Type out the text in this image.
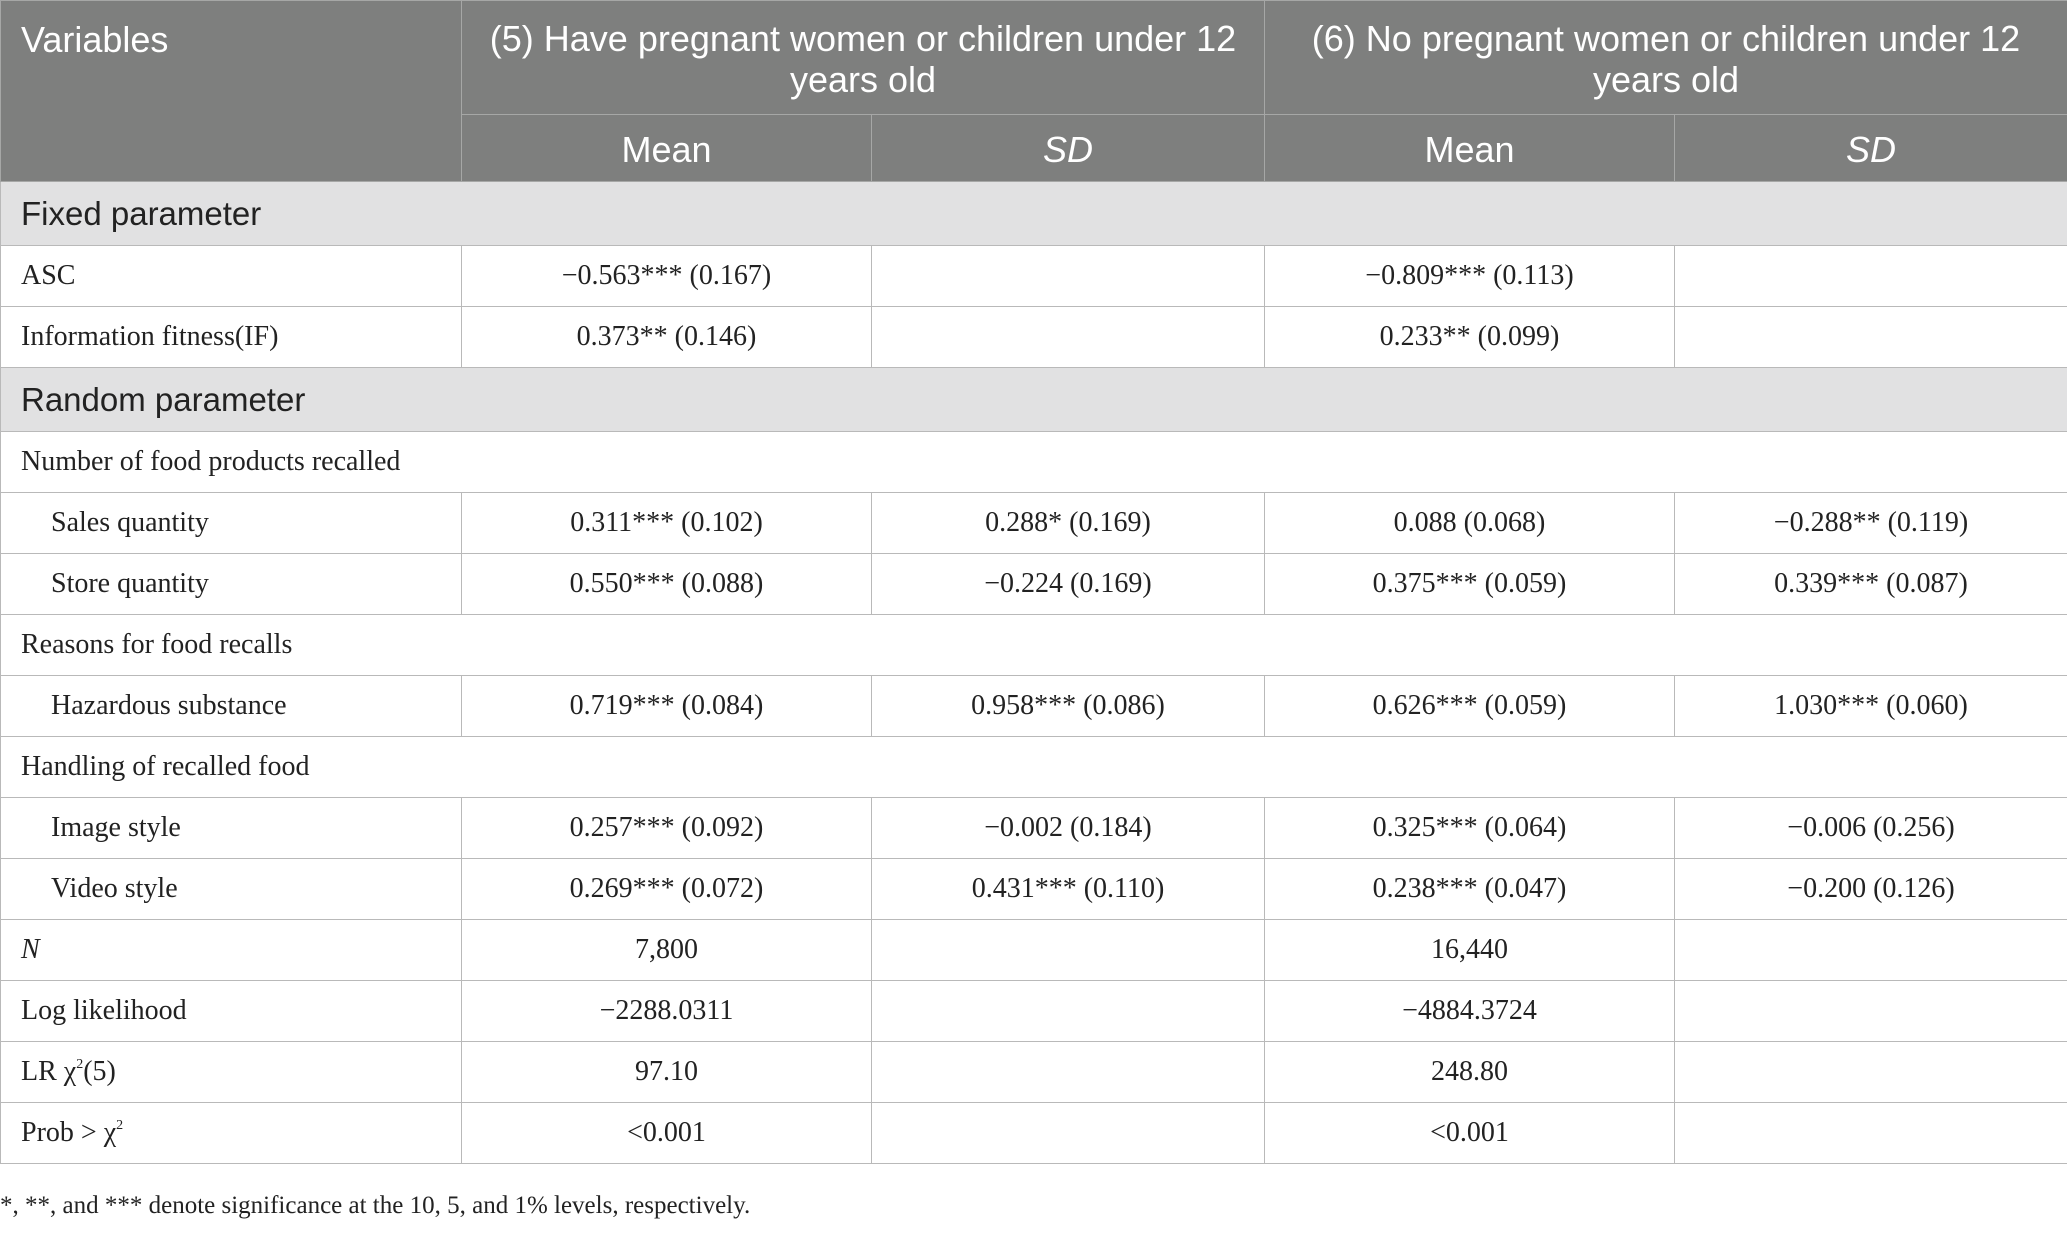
Variables	(5) Have pregnant women or children under 12 years old		(6) No pregnant women or children under 12 years old	
	Mean	SD	Mean	SD
Fixed parameter				
ASC	−0.563*** (0.167)		−0.809*** (0.113)	
Information fitness(IF)	0.373** (0.146)		0.233** (0.099)	
Random parameter				
Number of food products recalled				
Sales quantity	0.311*** (0.102)	0.288* (0.169)	0.088 (0.068)	−0.288** (0.119)
Store quantity	0.550*** (0.088)	−0.224 (0.169)	0.375*** (0.059)	0.339*** (0.087)
Reasons for food recalls				
Hazardous substance	0.719*** (0.084)	0.958*** (0.086)	0.626*** (0.059)	1.030*** (0.060)
Handling of recalled food				
Image style	0.257*** (0.092)	−0.002 (0.184)	0.325*** (0.064)	−0.006 (0.256)
Video style	0.269*** (0.072)	0.431*** (0.110)	0.238*** (0.047)	−0.200 (0.126)
N	7,800		16,440	
Log likelihood	−2288.0311		−4884.3724	
LR $\chi^2(5)$	97.10		248.80	
Prob > $\chi^2$	<0.001		<0.001	
*, **, and *** denote significance at the 10, 5, and 1% levels, respectively.
